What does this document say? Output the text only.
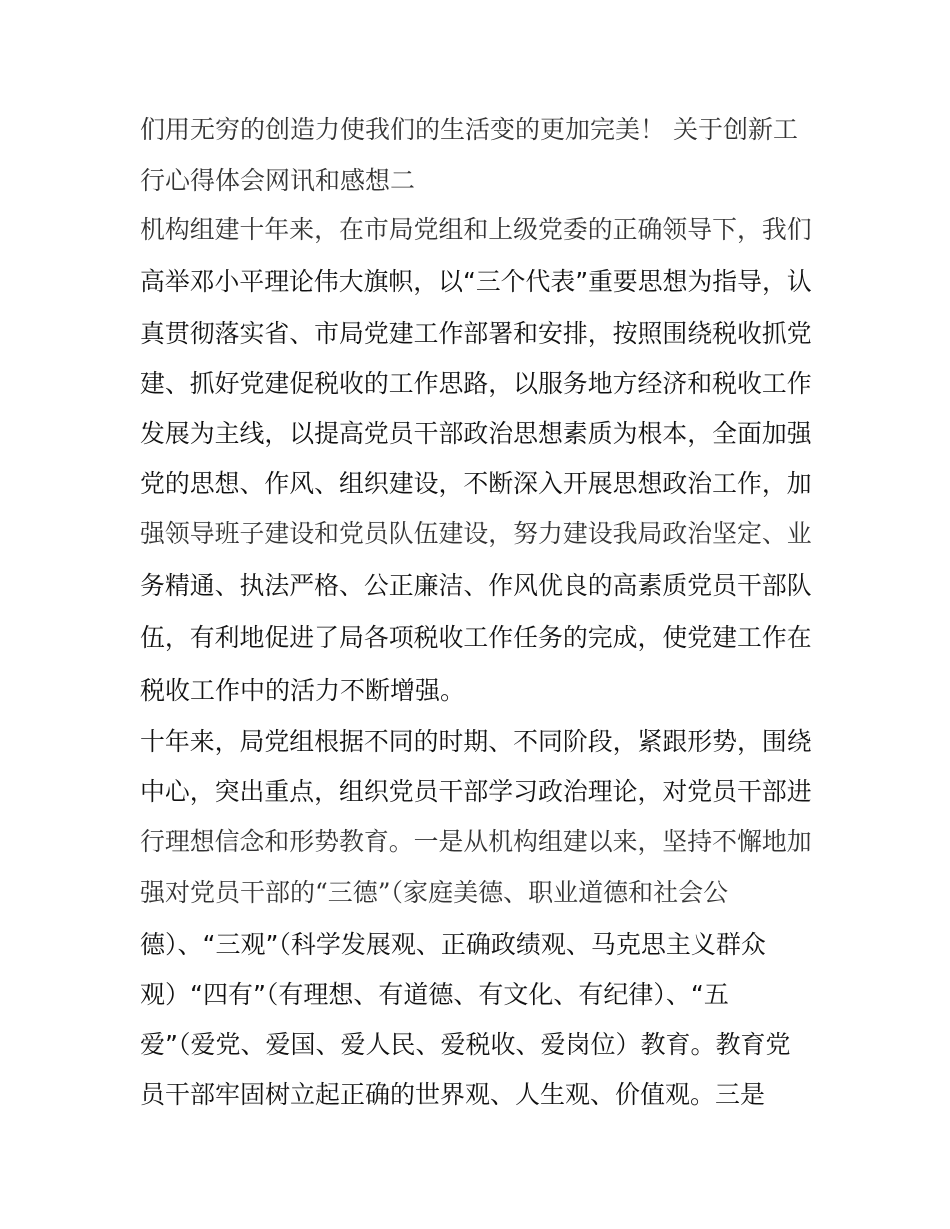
们用无穷的创造力使我们的生活变的更加完美！ 关于创新工
行心得体会网讯和感想二
机构组建十年来，在市局党组和上级党委的正确领导下，我们
高举邓小平理论伟大旗帜，以“三个代表”重要思想为指导，认
真贯彻落实省、市局党建工作部署和安排，按照围绕税收抓党
建、抓好党建促税收的工作思路，以服务地方经济和税收工作
发展为主线，以提高党员干部政治思想素质为根本，全面加强
党的思想、作风、组织建设，不断深入开展思想政治工作，加
强领导班子建设和党员队伍建设，努力建设我局政治坚定、业
务精通、执法严格、公正廉洁、作风优良的高素质党员干部队
伍，有利地促进了局各项税收工作任务的完成，使党建工作在
税收工作中的活力不断增强。
十年来，局党组根据不同的时期、不同阶段，紧跟形势，围绕
中心，突出重点，组织党员干部学习政治理论，对党员干部进
行理想信念和形势教育。一是从机构组建以来，坚持不懈地加
强对党员干部的“三德”（家庭美德、职业道德和社会公
德）、“三观”（科学发展观、正确政绩观、马克思主义群众
观）“四有”（有理想、有道德、有文化、有纪律）、“五
爱”（爱党、爱国、爱人民、爱税收、爱岗位）教育。教育党
员干部牢固树立起正确的世界观、人生观、价值观。三是
